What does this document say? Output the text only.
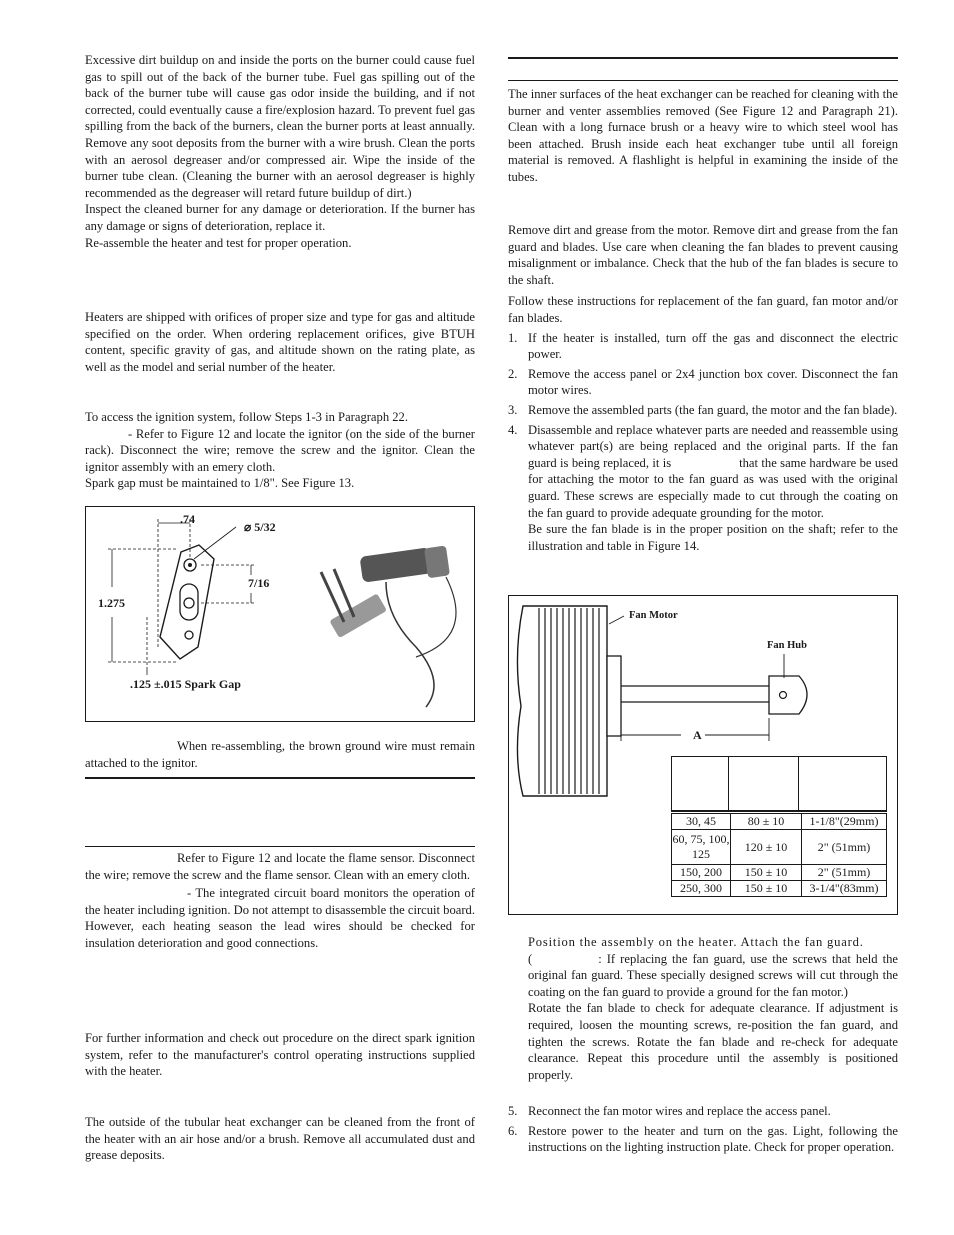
Excessive dirt buildup on and inside the ports on the burner could cause fuel gas to spill out of the back of the burner tube. Fuel gas spilling out of the back of the burner tube will cause gas odor inside the building, and if not corrected, could eventually cause a fire/explosion hazard. To prevent fuel gas spilling from the back of the burners, clean the burner ports at least annually. Remove any soot deposits from the burner with a wire brush. Clean the ports with an aerosol degreaser and/or compressed air. Wipe the inside of the burner tube clean. (Cleaning the burner with an aerosol degreaser is highly recommended as the degreaser will retard future buildup of dirt.)

Inspect the cleaned burner for any damage or deterioration. If the burner has any damage or signs of deterioration, replace it.

Re-assemble the heater and test for proper operation.

Heaters are shipped with orifices of proper size and type for gas and altitude specified on the order. When ordering replacement orifices, give BTUH content, specific gravity of gas, and altitude shown on the rating plate, as well as the model and serial number of the heater.

To access the ignition system, follow Steps 1-3 in Paragraph 22.

- Refer to Figure 12 and locate the ignitor (on the side of the burner rack). Disconnect the wire; remove the screw and the ignitor. Clean the ignitor assembly with an emery cloth.

Spark gap must be maintained to 1/8". See Figure 13.

.74
⌀ 5/32
7/16
1.275
.125 ±.015 Spark Gap

When re-assembling, the brown ground wire must remain attached to the ignitor.

Refer to Figure 12 and locate the flame sensor. Disconnect the wire; remove the screw and the flame sensor. Clean with an emery cloth.

- The integrated circuit board monitors the operation of the heater including ignition. Do not attempt to disassemble the circuit board. However, each heating season the lead wires should be checked for insulation deterioration and good connections.

For further information and check out procedure on the direct spark ignition system, refer to the manufacturer's control operating instructions supplied with the heater.

The outside of the tubular heat exchanger can be cleaned from the front of the heater with an air hose and/or a brush. Remove all accumulated dust and grease deposits.

The inner surfaces of the heat exchanger can be reached for cleaning with the burner and venter assemblies removed (See Figure 12 and Paragraph 21). Clean with a long furnace brush or a heavy wire to which steel wool has been attached. Brush inside each heat exchanger tube until all foreign material is removed. A flashlight is helpful in examining the inside of the tubes.

Remove dirt and grease from the motor. Remove dirt and grease from the fan guard and blades. Use care when cleaning the fan blades to prevent causing misalignment or imbalance. Check that the hub of the fan blades is secure to the shaft.

Follow these instructions for replacement of the fan guard, fan motor and/or fan blades.

1. If the heater is installed, turn off the gas and disconnect the electric power.
2. Remove the access panel or 2x4 junction box cover. Disconnect the fan motor wires.
3. Remove the assembled parts (the fan guard, the motor and the fan blade).
4. Disassemble and replace whatever parts are needed and reassemble using whatever part(s) are being replaced and the original parts. If the fan guard is being replaced, it is	that the same hardware be used for attaching the motor to the fan guard as was used with the original guard. These screws are especially made to cut through the coating on the fan guard to provide adequate grounding for the motor.
Be sure the fan blade is in the proper position on the shaft; refer to the illustration and table in Figure 14.
Fan Motor
Fan Hub
A
30, 45	80 ± 10	1-1/8"(29mm)
60, 75, 100, 125	120 ± 10	2" (51mm)
150, 200	150 ± 10	2" (51mm)
250, 300	150 ± 10	3-1/4"(83mm)

Position the assembly on the heater. Attach the fan guard.

(	: If replacing the fan guard, use the screws that held the original fan guard. These specially designed screws will cut through the coating on the fan guard to provide a ground for the fan motor.)

Rotate the fan blade to check for adequate clearance. If adjustment is required, loosen the mounting screws, re-position the fan guard, and tighten the screws. Rotate the fan blade and re-check for adequate clearance. Repeat this procedure until the assembly is positioned properly.

5. Reconnect the fan motor wires and replace the access panel.
6. Restore power to the heater and turn on the gas. Light, following the instructions on the lighting instruction plate. Check for proper operation.
